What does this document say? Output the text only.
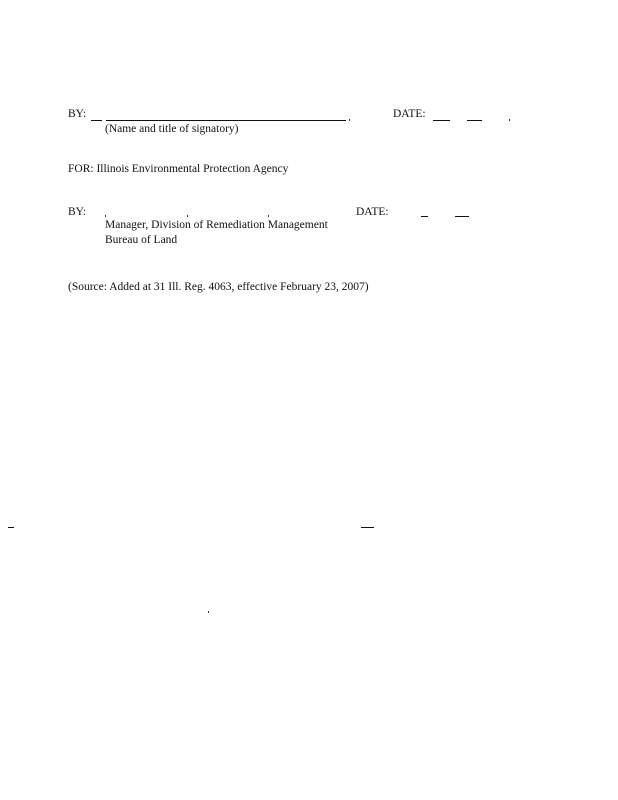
BY:	DATE:
(Name and title of signatory)
FOR: Illinois Environmental Protection Agency
BY:	DATE:
Manager, Division of Remediation Management
Bureau of Land
(Source: Added at 31 Ill. Reg. 4063, effective February 23, 2007)
